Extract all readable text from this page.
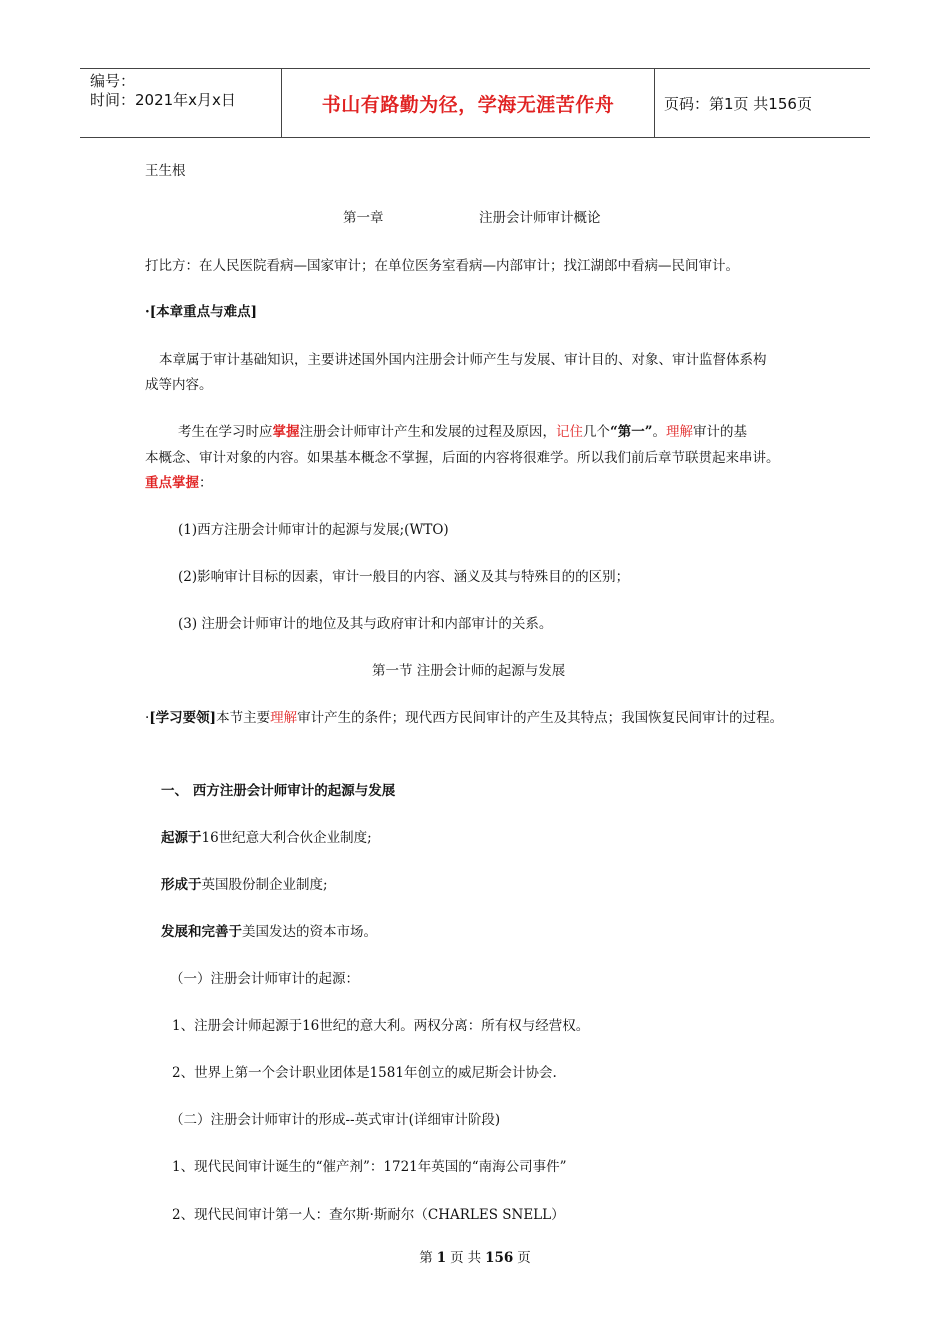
编号：
时间：2021年x月x日	书山有路勤为径，学海无涯苦作舟	页码：第1页 共156页
王生根
第一章	注册会计师审计概论
打比方：在人民医院看病—国家审计；在单位医务室看病—内部审计；找江湖郎中看病—民间审计。
·[本章重点与难点]
本章属于审计基础知识，主要讲述国外国内注册会计师产生与发展、审计目的、对象、审计监督体系构
成等内容。
考生在学习时应掌握注册会计师审计产生和发展的过程及原因，记住几个“第一”。理解审计的基
本概念、审计对象的内容。如果基本概念不掌握，后面的内容将很难学。所以我们前后章节联贯起来串讲。
重点掌握：
(1)西方注册会计师审计的起源与发展;(WTO)
(2)影响审计目标的因素，审计一般目的内容、涵义及其与特殊目的的区别；
(3) 注册会计师审计的地位及其与政府审计和内部审计的关系。
第一节 注册会计师的起源与发展
·[学习要领]本节主要理解审计产生的条件；现代西方民间审计的产生及其特点；我国恢复民间审计的过程。
一、 西方注册会计师审计的起源与发展
起源于16世纪意大利合伙企业制度;
形成于英国股份制企业制度;
发展和完善于美国发达的资本市场。
（一）注册会计师审计的起源：
1、注册会计师起源于16世纪的意大利。两权分离：所有权与经营权。
2、世界上第一个会计职业团体是1581年创立的威尼斯会计协会.
（二）注册会计师审计的形成--英式审计(详细审计阶段)
1、现代民间审计诞生的“催产剂”：1721年英国的“南海公司事件”
2、现代民间审计第一人：查尔斯·斯耐尔（CHARLES SNELL）
第 1 页 共 156 页
